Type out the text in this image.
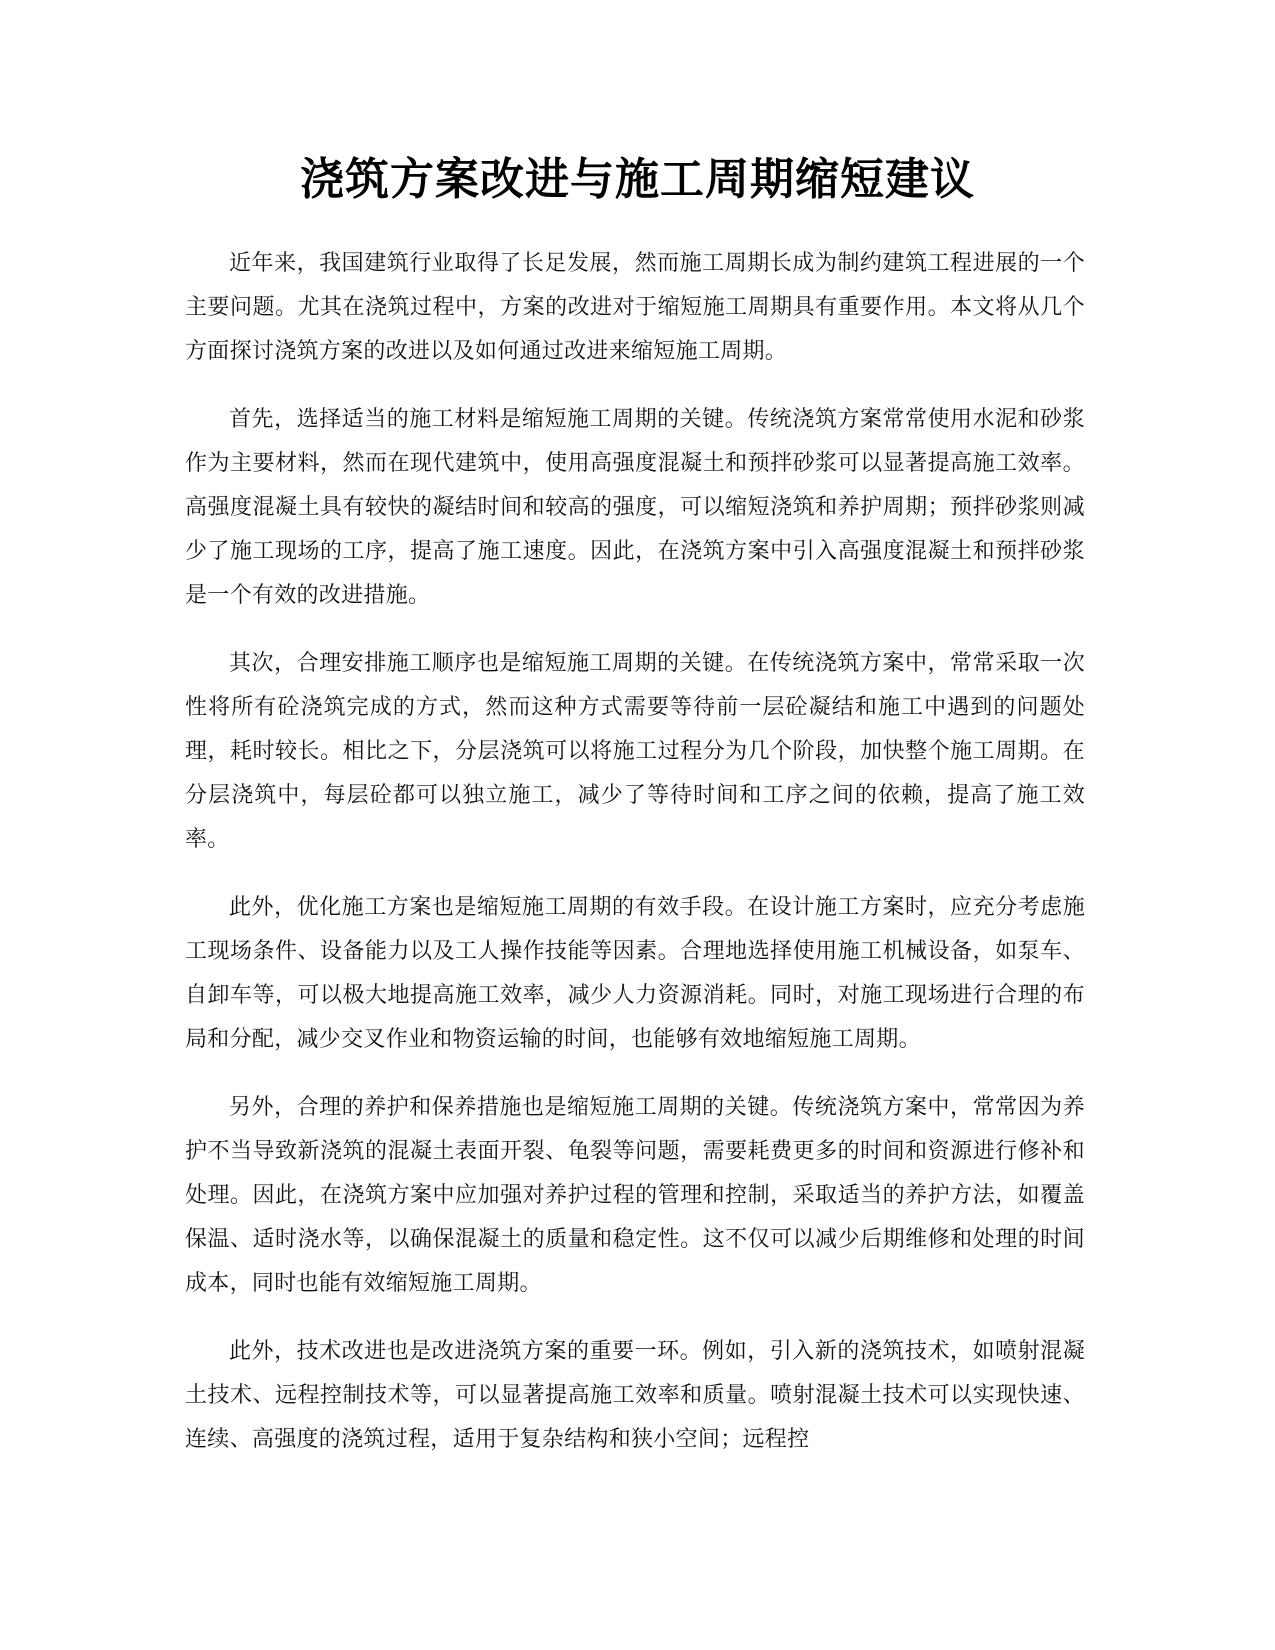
浇筑方案改进与施工周期缩短建议

近年来，我国建筑行业取得了长足发展，然而施工周期长成为制约建筑工程进展的一个主要问题。尤其在浇筑过程中，方案的改进对于缩短施工周期具有重要作用。本文将从几个方面探讨浇筑方案的改进以及如何通过改进来缩短施工周期。

首先，选择适当的施工材料是缩短施工周期的关键。传统浇筑方案常常使用水泥和砂浆作为主要材料，然而在现代建筑中，使用高强度混凝土和预拌砂浆可以显著提高施工效率。高强度混凝土具有较快的凝结时间和较高的强度，可以缩短浇筑和养护周期；预拌砂浆则减少了施工现场的工序，提高了施工速度。因此，在浇筑方案中引入高强度混凝土和预拌砂浆是一个有效的改进措施。

其次，合理安排施工顺序也是缩短施工周期的关键。在传统浇筑方案中，常常采取一次性将所有砼浇筑完成的方式，然而这种方式需要等待前一层砼凝结和施工中遇到的问题处理，耗时较长。相比之下，分层浇筑可以将施工过程分为几个阶段，加快整个施工周期。在分层浇筑中，每层砼都可以独立施工，减少了等待时间和工序之间的依赖，提高了施工效率。

此外，优化施工方案也是缩短施工周期的有效手段。在设计施工方案时，应充分考虑施工现场条件、设备能力以及工人操作技能等因素。合理地选择使用施工机械设备，如泵车、自卸车等，可以极大地提高施工效率，减少人力资源消耗。同时，对施工现场进行合理的布局和分配，减少交叉作业和物资运输的时间，也能够有效地缩短施工周期。

另外，合理的养护和保养措施也是缩短施工周期的关键。传统浇筑方案中，常常因为养护不当导致新浇筑的混凝土表面开裂、龟裂等问题，需要耗费更多的时间和资源进行修补和处理。因此，在浇筑方案中应加强对养护过程的管理和控制，采取适当的养护方法，如覆盖保温、适时浇水等，以确保混凝土的质量和稳定性。这不仅可以减少后期维修和处理的时间成本，同时也能有效缩短施工周期。

此外，技术改进也是改进浇筑方案的重要一环。例如，引入新的浇筑技术，如喷射混凝土技术、远程控制技术等，可以显著提高施工效率和质量。喷射混凝土技术可以实现快速、连续、高强度的浇筑过程，适用于复杂结构和狭小空间；远程控
